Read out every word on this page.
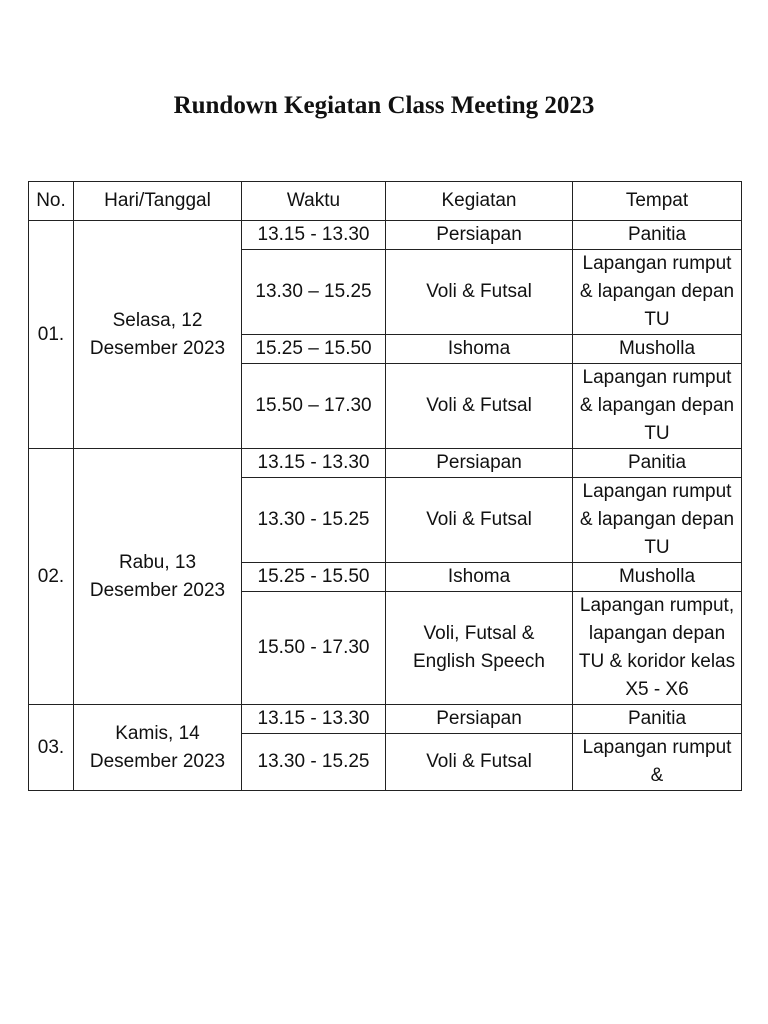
Rundown Kegiatan Class Meeting 2023
No.	Hari/Tanggal	Waktu	Kegiatan	Tempat
01.	Selasa, 12 Desember 2023	13.15 - 13.30	Persiapan	Panitia
		13.30 – 15.25	Voli & Futsal	Lapangan rumput & lapangan depan TU
		15.25 – 15.50	Ishoma	Musholla
		15.50 – 17.30	Voli & Futsal	Lapangan rumput & lapangan depan TU
02.	Rabu, 13 Desember 2023	13.15 - 13.30	Persiapan	Panitia
		13.30 - 15.25	Voli & Futsal	Lapangan rumput & lapangan depan TU
		15.25 - 15.50	Ishoma	Musholla
		15.50 - 17.30	Voli, Futsal & English Speech	Lapangan rumput, lapangan depan TU & koridor kelas X5 - X6
03.	Kamis, 14 Desember 2023	13.15 - 13.30	Persiapan	Panitia
		13.30 - 15.25	Voli & Futsal	Lapangan rumput &
